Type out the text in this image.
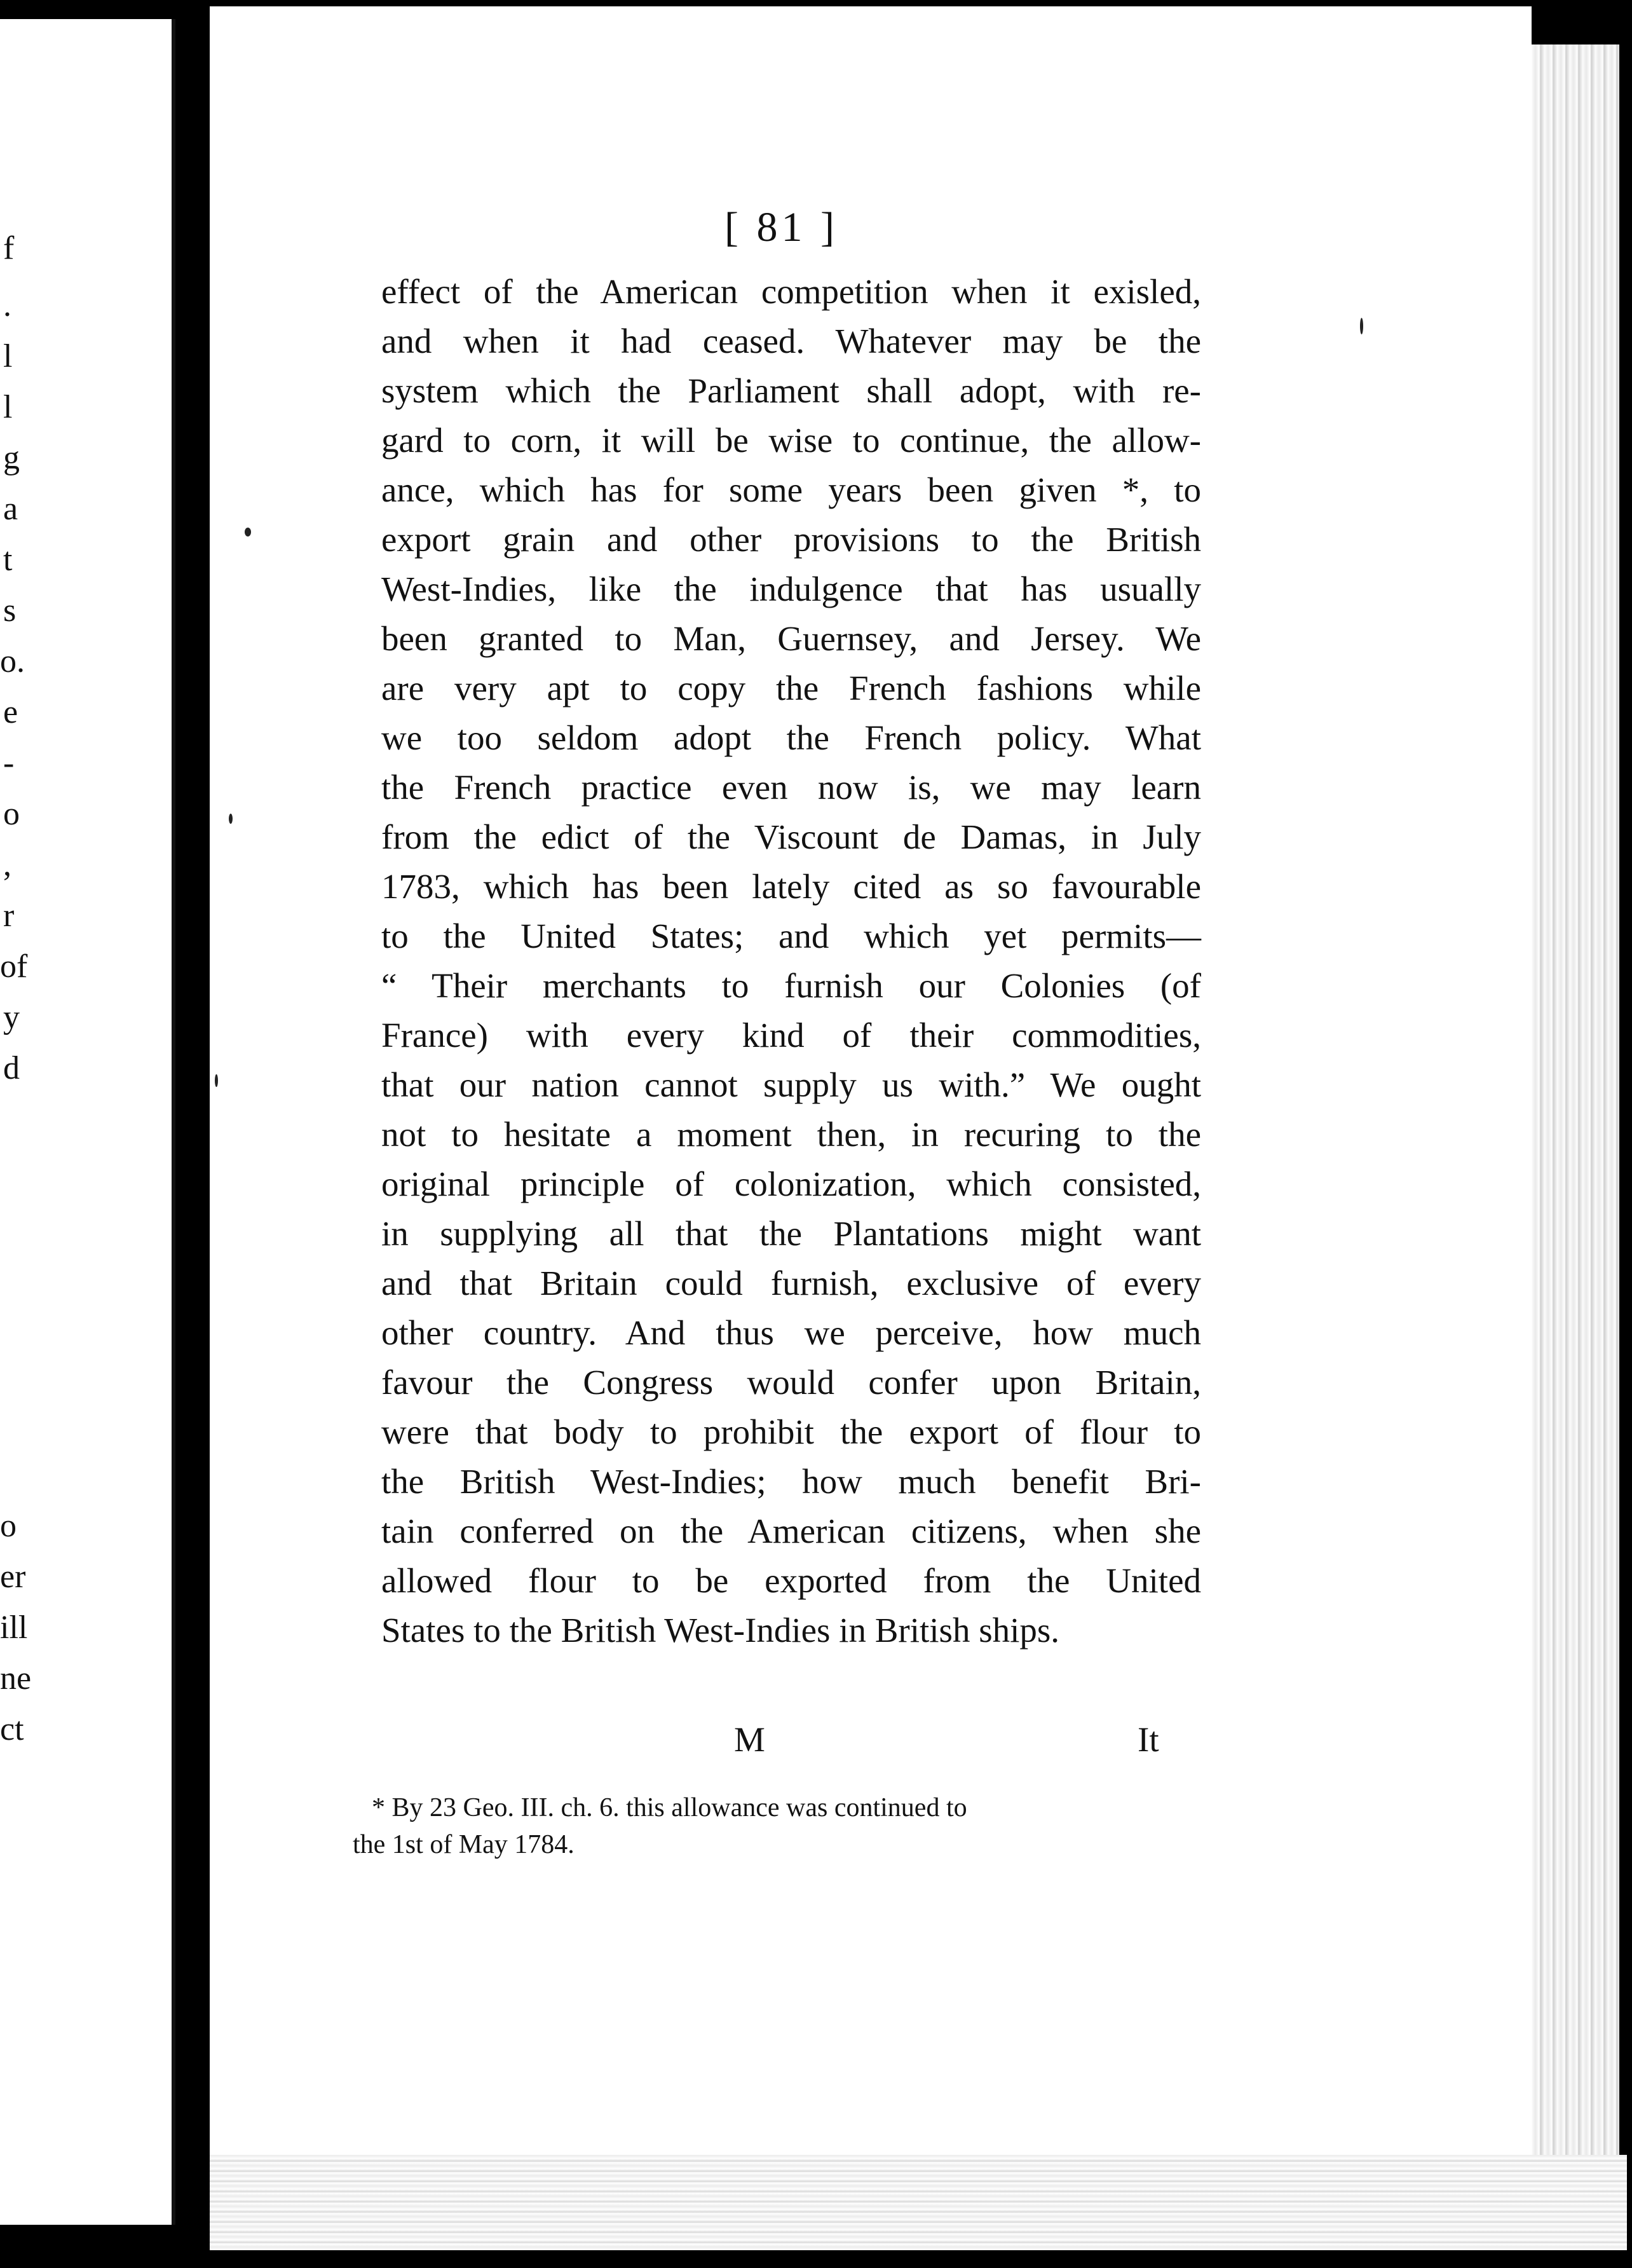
f
.
l
l
g
a
t
s
o.
e
-
o
,
r
of
y
d
o
er
ill
ne
ct
[ 81 ]
effect of the American competition when it exisled,
and when it had ceased. Whatever may be the
system which the Parliament shall adopt, with re-
gard to corn, it will be wise to continue, the allow-
ance, which has for some years been given *, to
export grain and other provisions to the British
West-Indies, like the indulgence that has usually
been granted to Man, Guernsey, and Jersey. We
are very apt to copy the French fashions while
we too seldom adopt the French policy. What
the French practice even now is, we may learn
from the edict of the Viscount de Damas, in July
1783, which has been lately cited as so favourable
to the United States; and which yet permits—
“ Their merchants to furnish our Colonies (of
France) with every kind of their commodities,
that our nation cannot supply us with.” We ought
not to hesitate a moment then, in recuring to the
original principle of colonization, which consisted,
in supplying all that the Plantations might want
and that Britain could furnish, exclusive of every
other country. And thus we perceive, how much
favour the Congress would confer upon Britain,
were that body to prohibit the export of flour to
the British West-Indies; how much benefit Bri-
tain conferred on the American citizens, when she
allowed flour to be exported from the United
States to the British West-Indies in British ships.
M	It
* By 23 Geo. III. ch. 6. this allowance was continued to
the 1st of May 1784.
